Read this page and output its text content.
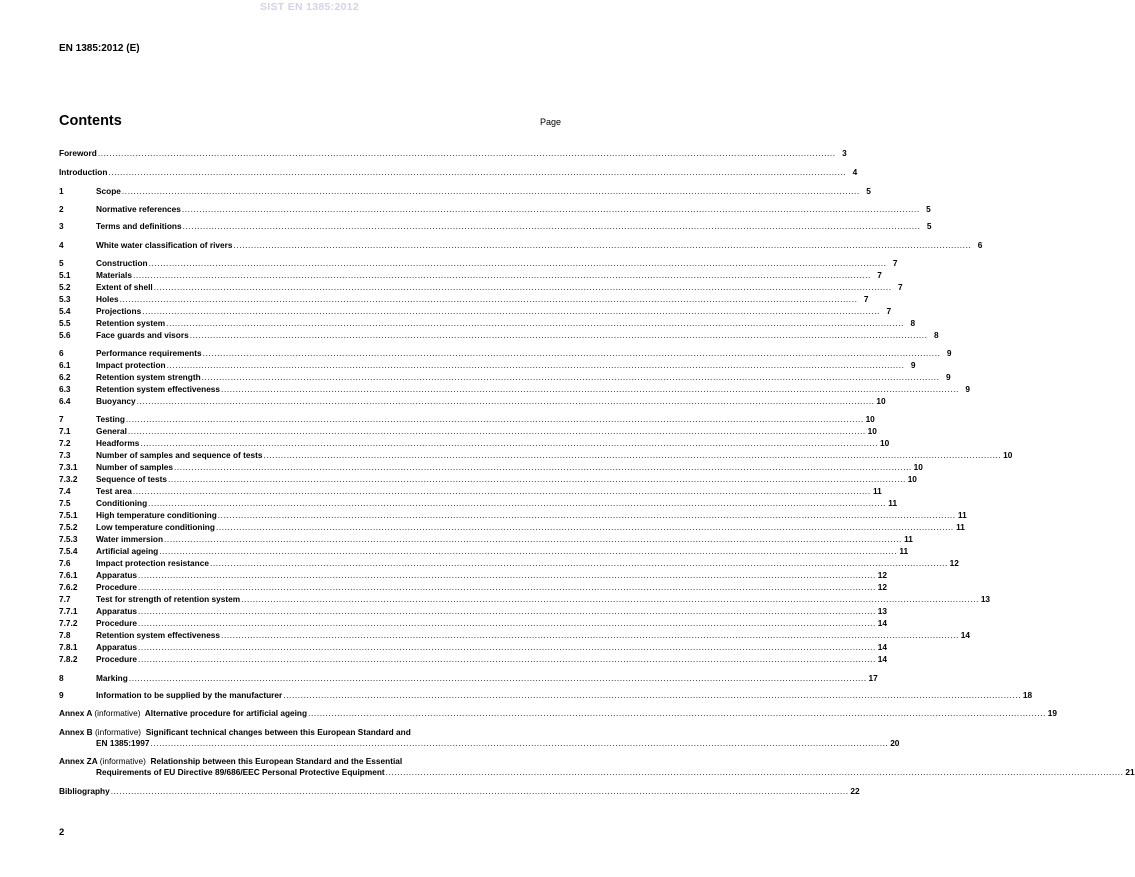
SIST EN 1385:2012
EN 1385:2012 (E)
Contents	Page
Foreword .............................................................................................................................................................................................................................................................. 3
Introduction .............................................................................................................................................................................................................................................................. 4
1	Scope .............................................................................................................................................................................................................................................................. 5
2	Normative references .............................................................................................................................................................................................................................................................. 5
3	Terms and definitions .............................................................................................................................................................................................................................................................. 5
4	White water classification of rivers .............................................................................................................................................................................................................................................................. 6
5	Construction .............................................................................................................................................................................................................................................................. 7
5.1	Materials .............................................................................................................................................................................................................................................................. 7
5.2	Extent of shell .............................................................................................................................................................................................................................................................. 7
5.3	Holes .............................................................................................................................................................................................................................................................. 7
5.4	Projections .............................................................................................................................................................................................................................................................. 7
5.5	Retention system .............................................................................................................................................................................................................................................................. 8
5.6	Face guards and visors .............................................................................................................................................................................................................................................................. 8
6	Performance requirements .............................................................................................................................................................................................................................................................. 9
6.1	Impact protection .............................................................................................................................................................................................................................................................. 9
6.2	Retention system strength .............................................................................................................................................................................................................................................................. 9
6.3	Retention system effectiveness .............................................................................................................................................................................................................................................................. 9
6.4	Buoyancy .............................................................................................................................................................................................................................................................. 10
7	Testing .............................................................................................................................................................................................................................................................. 10
7.1	General .............................................................................................................................................................................................................................................................. 10
7.2	Headforms .............................................................................................................................................................................................................................................................. 10
7.3	Number of samples and sequence of tests .............................................................................................................................................................................................................................................................. 10
7.3.1	Number of samples .............................................................................................................................................................................................................................................................. 10
7.3.2	Sequence of tests .............................................................................................................................................................................................................................................................. 10
7.4	Test area .............................................................................................................................................................................................................................................................. 11
7.5	Conditioning .............................................................................................................................................................................................................................................................. 11
7.5.1	High temperature conditioning .............................................................................................................................................................................................................................................................. 11
7.5.2	Low temperature conditioning .............................................................................................................................................................................................................................................................. 11
7.5.3	Water immersion .............................................................................................................................................................................................................................................................. 11
7.5.4	Artificial ageing .............................................................................................................................................................................................................................................................. 11
7.6	Impact protection resistance .............................................................................................................................................................................................................................................................. 12
7.6.1	Apparatus .............................................................................................................................................................................................................................................................. 12
7.6.2	Procedure .............................................................................................................................................................................................................................................................. 12
7.7	Test for strength of retention system .............................................................................................................................................................................................................................................................. 13
7.7.1	Apparatus .............................................................................................................................................................................................................................................................. 13
7.7.2	Procedure .............................................................................................................................................................................................................................................................. 14
7.8	Retention system effectiveness .............................................................................................................................................................................................................................................................. 14
7.8.1	Apparatus .............................................................................................................................................................................................................................................................. 14
7.8.2	Procedure .............................................................................................................................................................................................................................................................. 14
8	Marking .............................................................................................................................................................................................................................................................. 17
9	Information to be supplied by the manufacturer .............................................................................................................................................................................................................................................................. 18
Annex A (informative) Alternative procedure for artificial ageing .............................................................................................................................................................................................................................................................. 19
Annex B (informative) Significant technical changes between this European Standard and
EN 1385:1997 .............................................................................................................................................................................................................................................................. 20
Annex ZA (informative) Relationship between this European Standard and the Essential
Requirements of EU Directive 89/686/EEC Personal Protective Equipment .............................................................................................................................................................................................................................................................. 21
Bibliography .............................................................................................................................................................................................................................................................. 22
2
